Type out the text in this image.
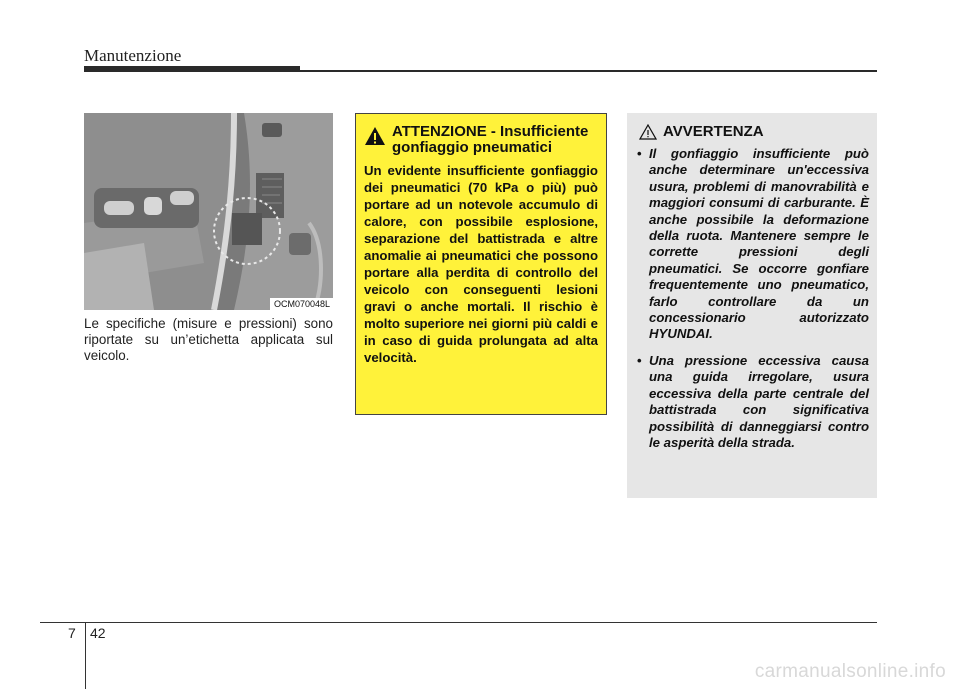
Manutenzione
OCM070048L
Le specifiche (misure e pressioni) sono riportate su un’etichetta applicata sul veicolo.
ATTENZIONE - Insufficiente gonfiaggio pneumatici
Un evidente insufficiente gonfiaggio dei pneumatici (70 kPa o più) può portare ad un notevole accumulo di calore, con possibile esplosione, separazione del battistrada e altre anomalie ai pneumatici che possono portare alla perdita di controllo del veicolo con conseguenti lesioni gravi o anche mortali. Il rischio è molto superiore nei giorni più caldi e in caso di guida prolungata ad alta velocità.
AVVERTENZA
• Il gonfiaggio insufficiente può anche determinare un'eccessiva usura, problemi di manovrabilità e maggiori consumi di carburante. È anche possibile la deformazione della ruota. Mantenere sempre le corrette pressioni degli pneumatici. Se occorre gonfiare frequentemente uno pneumatico, farlo controllare da un concessionario autorizzato HYUNDAI.
• Una pressione eccessiva causa una guida irregolare, usura eccessiva della parte centrale del battistrada con significativa possibilità di danneggiarsi contro le asperità della strada.
7 42
carmanualsonline.info
